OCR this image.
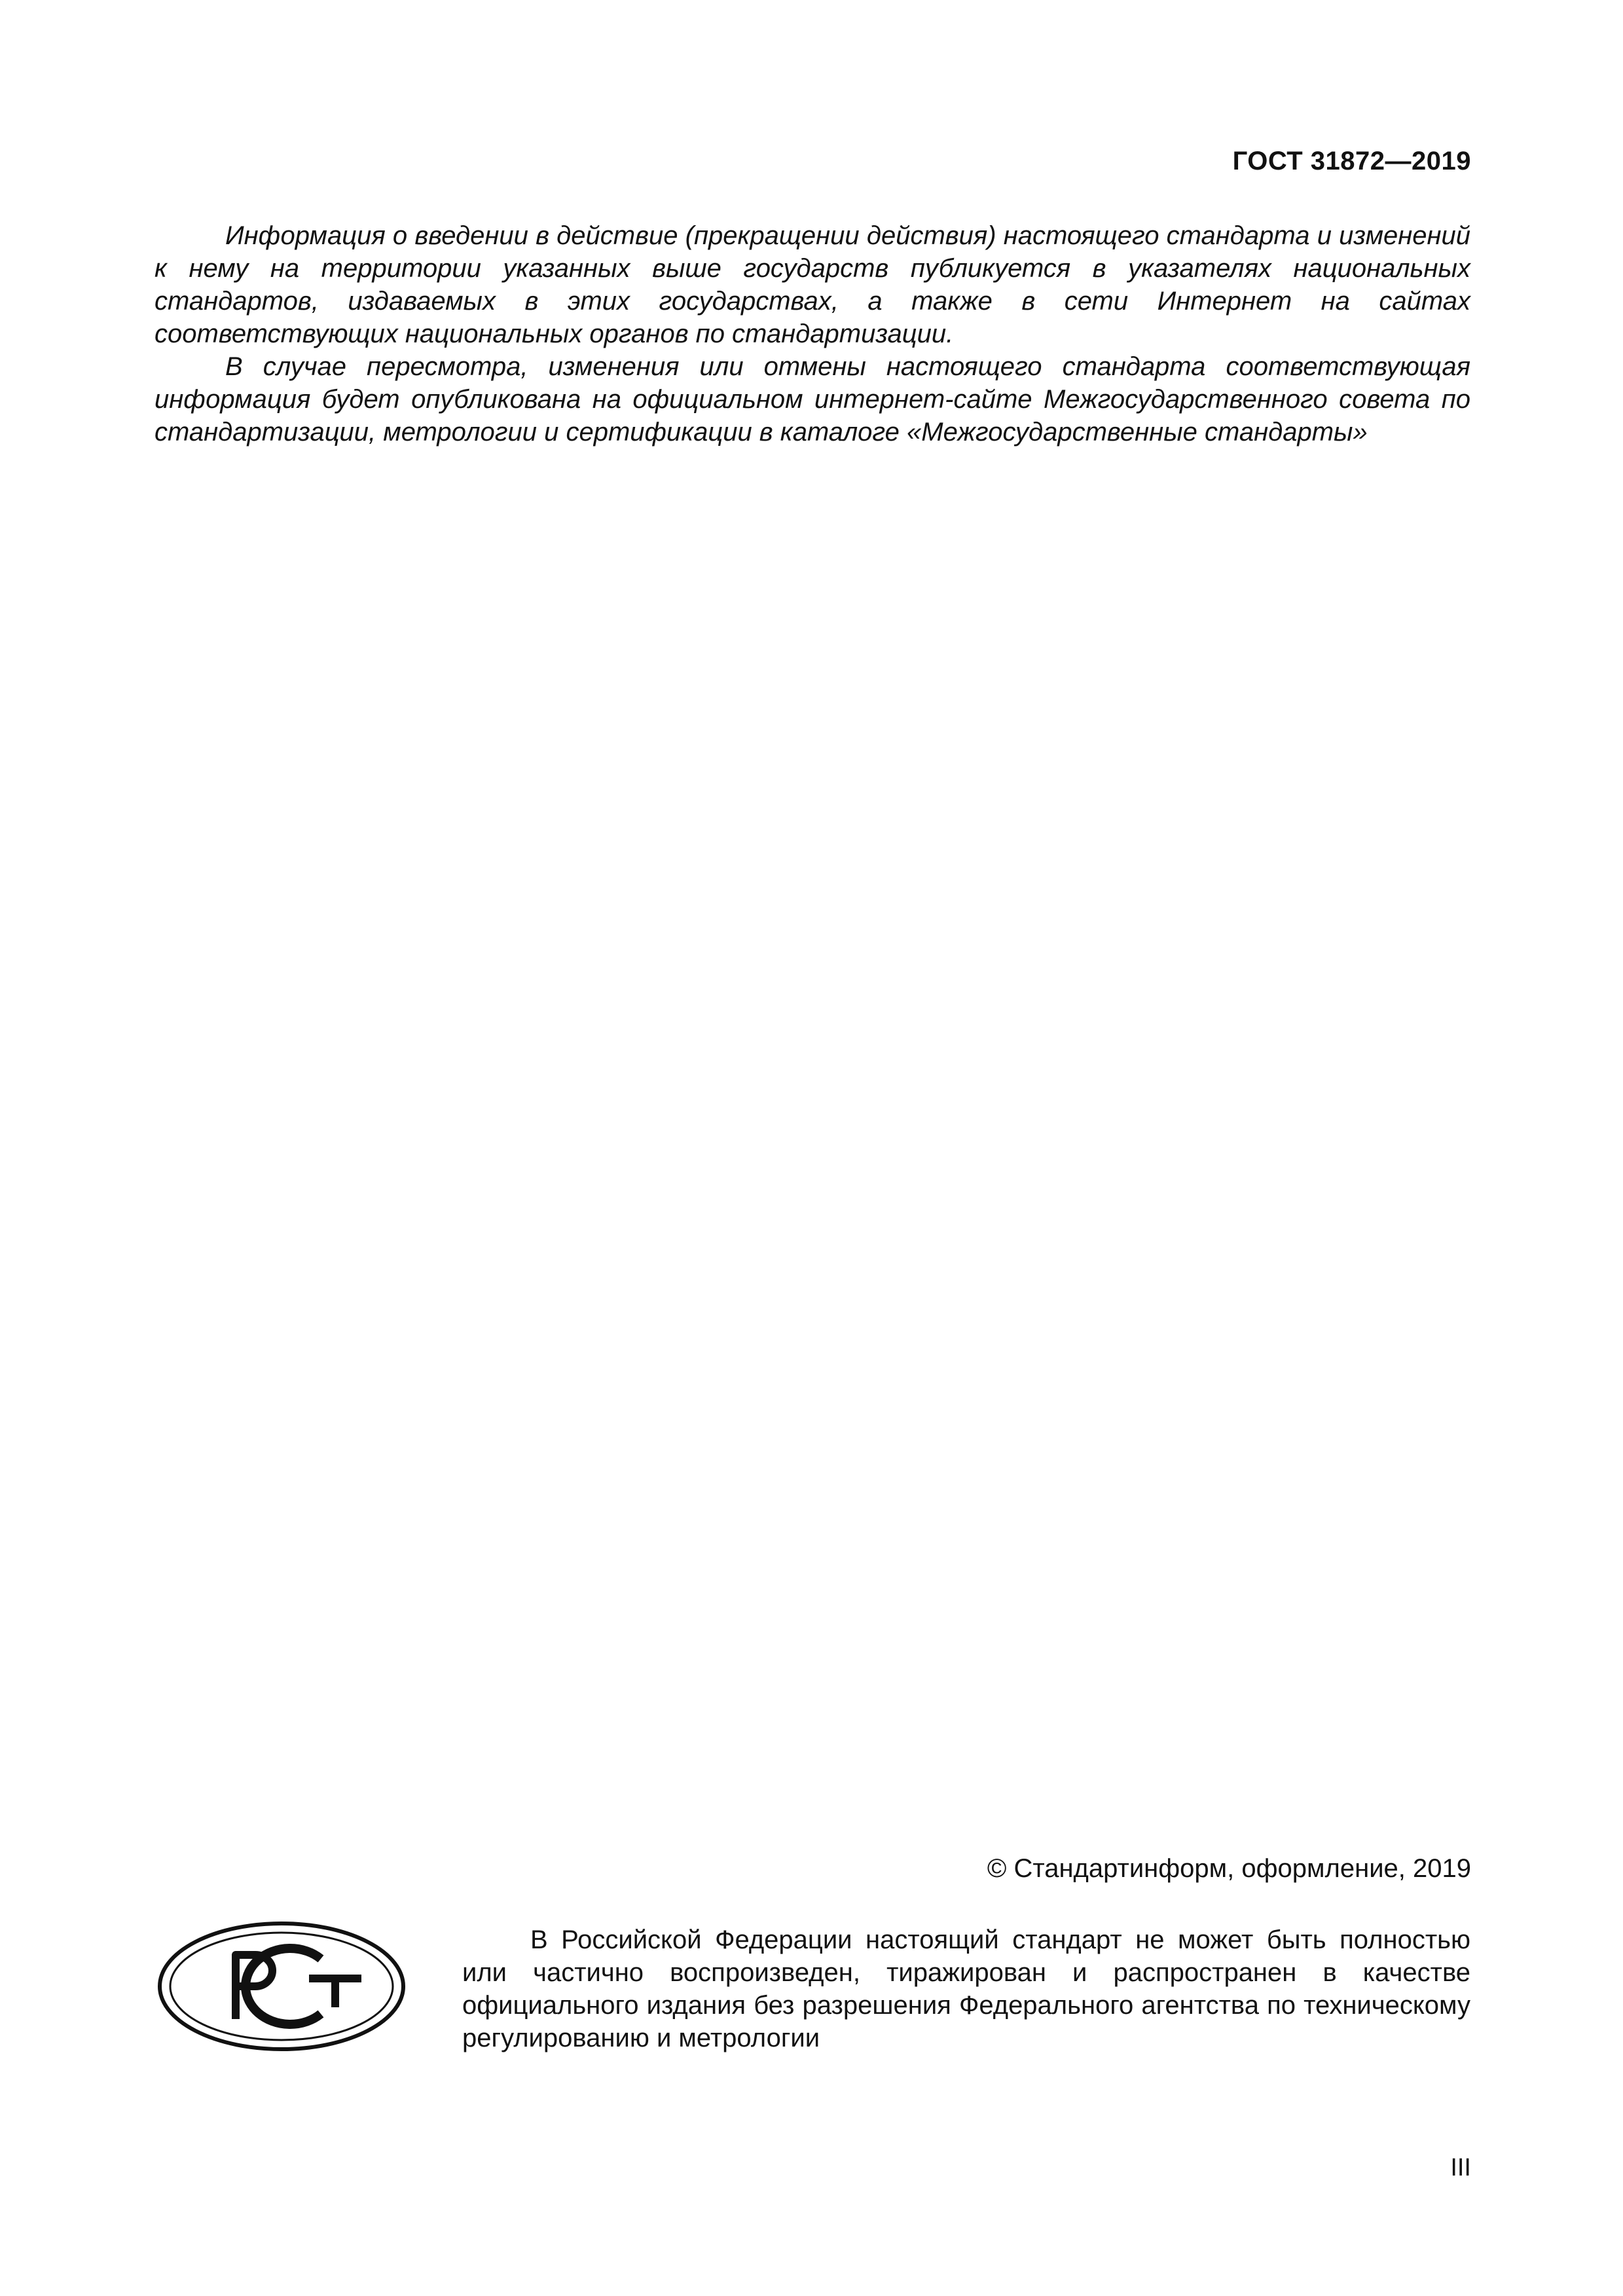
ГОСТ 31872—2019

Информация о введении в действие (прекращении действия) настоящего стандарта и изменений к нему на территории указанных выше государств публикуется в указателях национальных стандартов, издаваемых в этих государствах, а также в сети Интернет на сайтах соответствующих национальных органов по стандартизации.

В случае пересмотра, изменения или отмены настоящего стандарта соответствующая информация будет опубликована на официальном интернет-сайте Межгосударственного совета по стандартизации, метрологии и сертификации в каталоге «Межгосударственные стандарты»

© Стандартинформ, оформление, 2019

В Российской Федерации настоящий стандарт не может быть полностью или частично воспроизведен, тиражирован и распространен в качестве официального издания без разрешения Федерального агентства по техническому регулированию и метрологии

III
